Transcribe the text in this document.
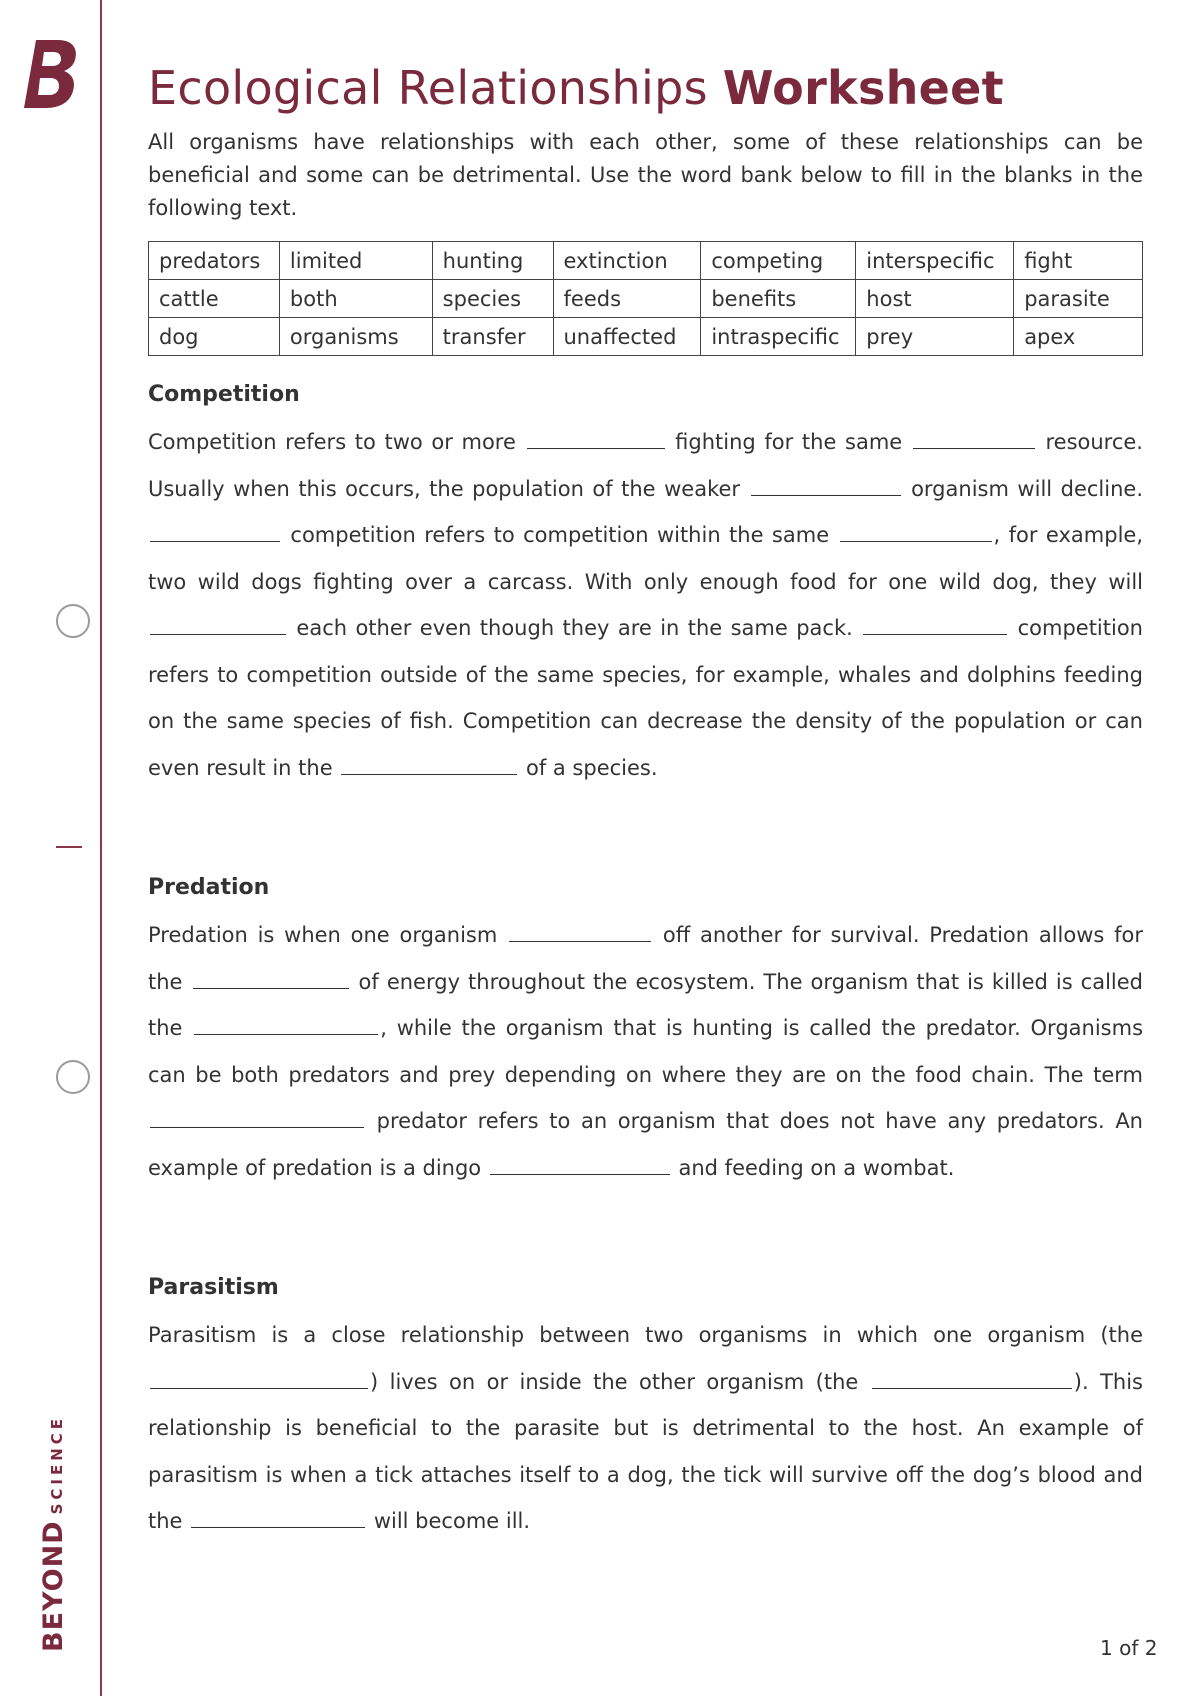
BEYONDSCIENCE
Ecological Relationships Worksheet

All organisms have relationships with each other, some of these relationships can be beneficial and some can be detrimental. Use the word bank below to fill in the blanks in the following text.

predators	limited	hunting	extinction	competing	interspecific	fight
cattle	both	species	feeds	benefits	host	parasite
dog	organisms	transfer	unaffected	intraspecific	prey	apex
Competition

Competition refers to two or more	fighting for the same	resource. Usually when this occurs, the population of the weaker	organism will decline.  competition refers to competition within the same	, for example, two wild dogs fighting over a carcass. With only enough food for one wild dog, they will  each other even though they are in the same pack.	competition refers to competition outside of the same species, for example, whales and dolphins feeding on the same species of fish. Competition can decrease the density of the population or can even result in the	of a species.

Predation

Predation is when one organism	off another for survival. Predation allows for the	of energy throughout the ecosystem. The organism that is killed is called the	, while the organism that is hunting is called the predator. Organisms can be both predators and prey depending on where they are on the food chain. The term  predator refers to an organism that does not have any predators. An example of predation is a dingo	and feeding on a wombat.

Parasitism

Parasitism is a close relationship between two organisms in which one organism (the ) lives on or inside the other organism (the	). This relationship is beneficial to the parasite but is detrimental to the host. An example of parasitism is when a tick attaches itself to a dog, the tick will survive off the dog’s blood and the	will become ill.

1 of 2
